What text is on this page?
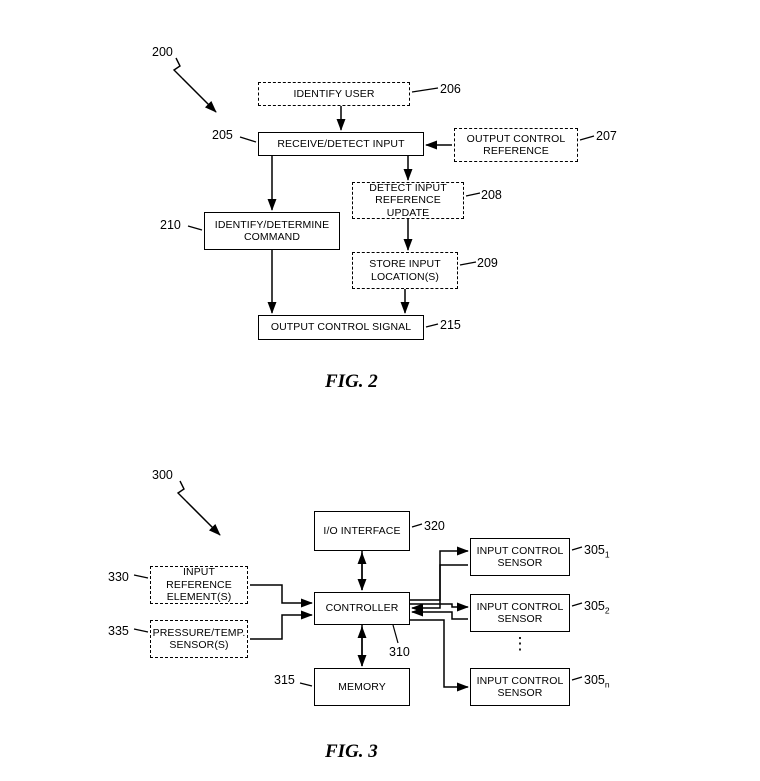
IDENTIFY USER
RECEIVE/DETECT INPUT	OUTPUT CONTROL REFERENCE
DETECT INPUT REFERENCE UPDATE
IDENTIFY/DETERMINE COMMAND
STORE INPUT LOCATION(S)
OUTPUT CONTROL SIGNAL
200
206
205	207
208
210
209
215
FIG. 2
I/O INTERFACE
INPUT CONTROL SENSOR
INPUT REFERENCE ELEMENT(S)
CONTROLLER	INPUT CONTROL SENSOR
PRESSURE/TEMP. SENSOR(S)
MEMORY
INPUT CONTROL SENSOR
⋮
300
320
$305_1$
330
$305_2$
335
310
315	$305_n$
FIG. 3
